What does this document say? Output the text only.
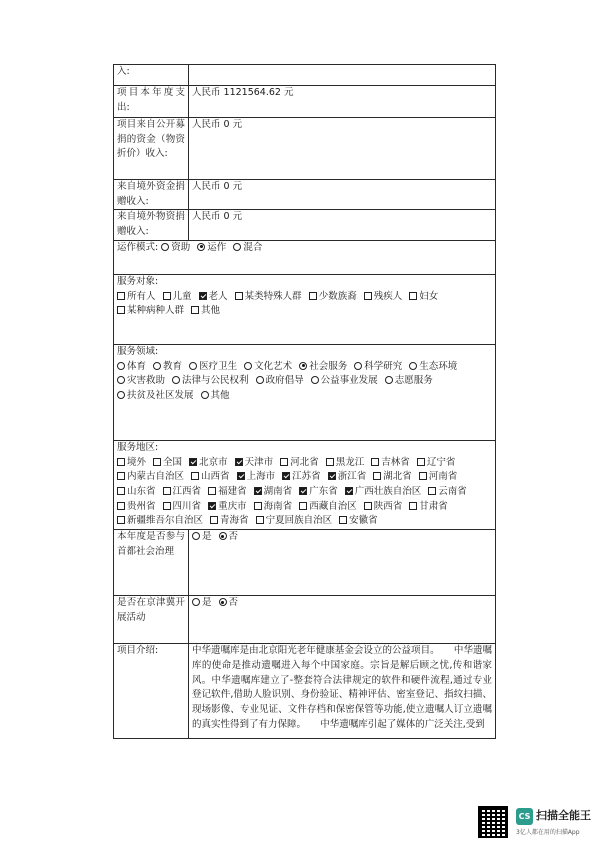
入:	
项目本年度支出:	人民币 1121564.62 元
项目来自公开募捐的资金（物资折价）收入:	人民币 0 元
来自境外资金捐赠收入:	人民币 0 元
来自境外物资捐赠收入:	人民币 0 元
运作模式: 资助 运作 混合	

服务对象:
所有人 儿童 老人 某类特殊人群 少数族裔 残疾人 妇女 某种病种人群 其他	

服务领域:
体育 教育 医疗卫生 文化艺术 社会服务 科学研究 生态环境 灾害救助 法律与公民权利 政府倡导 公益事业发展 志愿服务 扶贫及社区发展 其他	

服务地区:
境外 全国 北京市 天津市 河北省 黑龙江 吉林省 辽宁省 内蒙古自治区 山西省 上海市 江苏省 浙江省 湖北省 河南省 山东省 江西省 福建省 湖南省 广东省 广西壮族自治区 云南省 贵州省 四川省 重庆市 海南省 西藏自治区 陕西省 甘肃省 新疆维吾尔自治区 青海省 宁夏回族自治区 安徽省	

本年度是否参与首都社会治理	是 否
是否在京津冀开展活动	是 否
项目介绍:	中华遗嘱库是由北京阳光老年健康基金会设立的公益项目。　　中华遗嘱库的使命是推动遗嘱进入每个中国家庭。宗旨是解后顾之忧,传和谐家风。中华遗嘱库建立了-整套符合法律规定的软件和硬件流程,通过专业登记软件,借助人脸识别、身份验证、精神评估、密室登记、指纹扫描、现场影像、专业见证、文件存档和保密保管等功能,使立遗嘱人订立遗嘱的真实性得到了有力保障。　　中华遗嘱库引起了媒体的广泛关注,受到
CS 扫描全能王
3亿人都在用的扫描App
